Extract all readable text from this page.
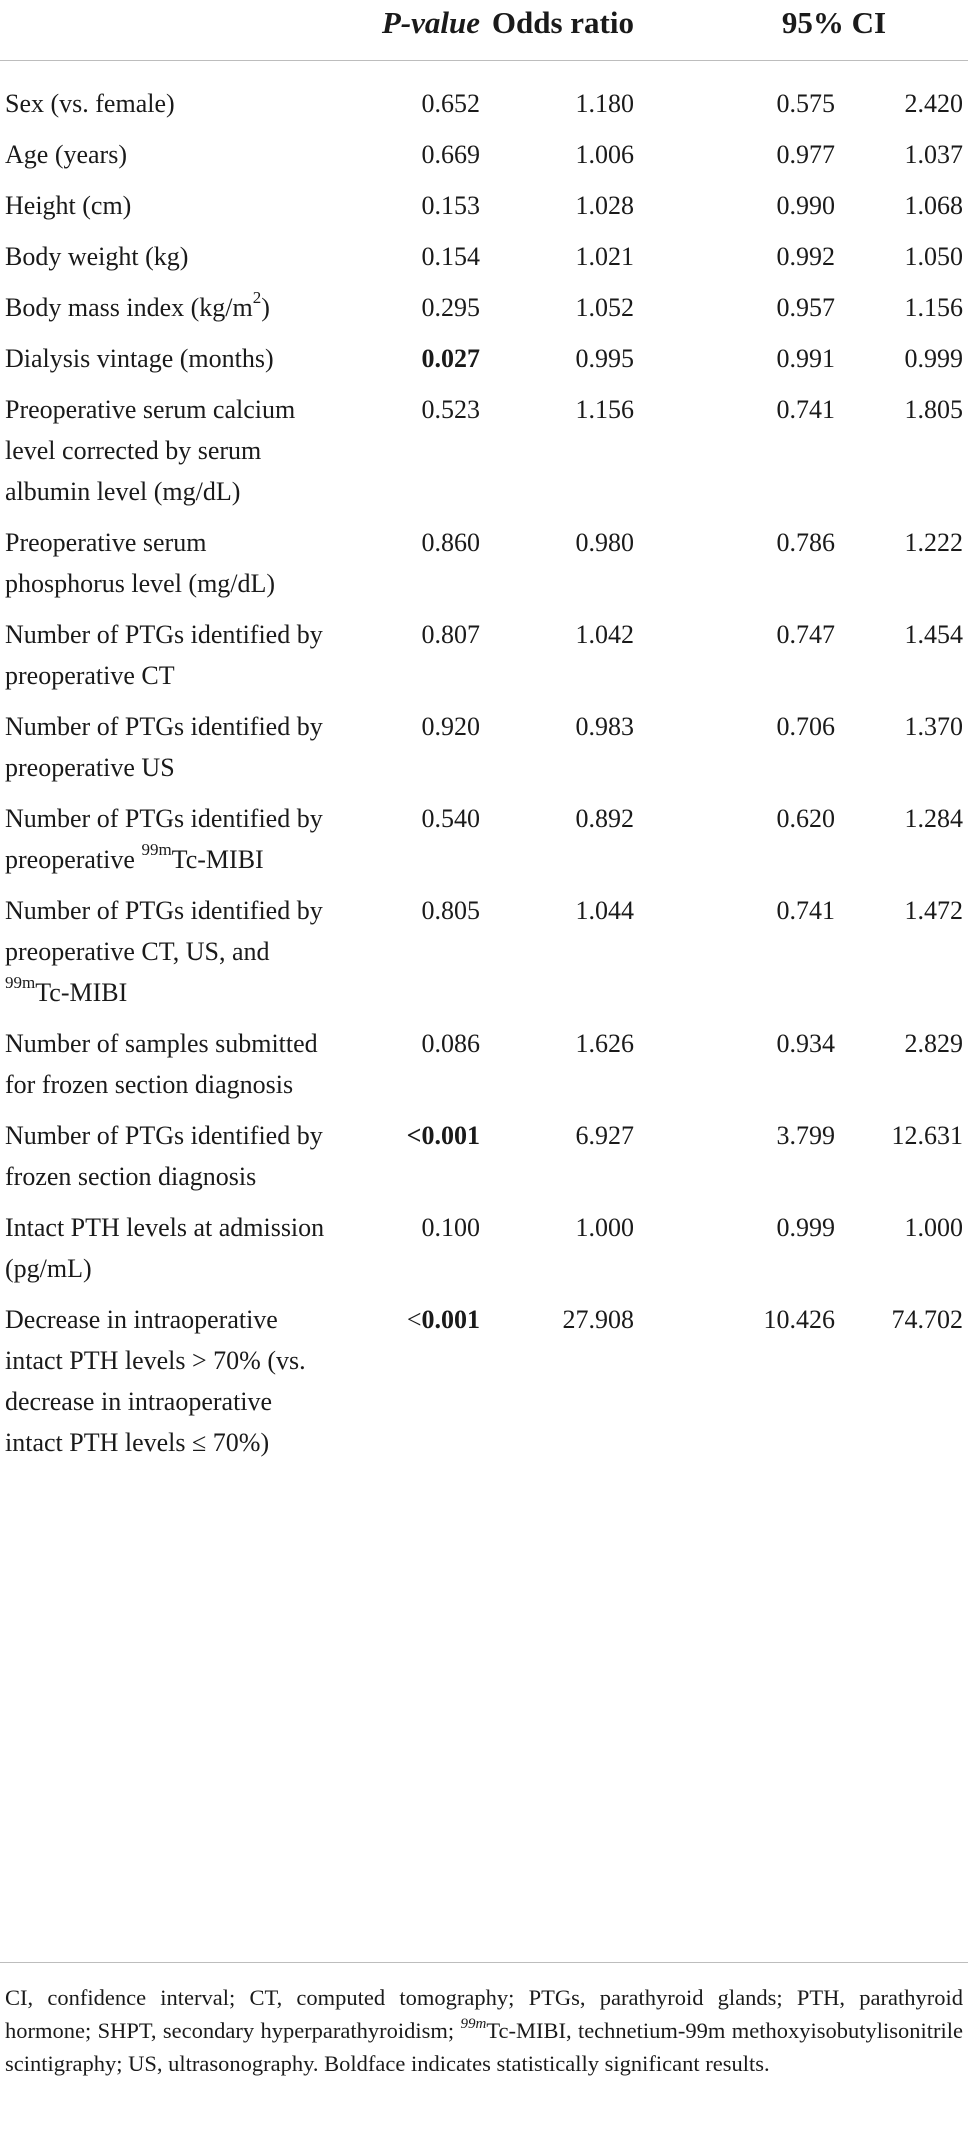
	P-value	Odds ratio	95% CI	
Sex (vs. female)	0.652	1.180	0.575	2.420
Age (years)	0.669	1.006	0.977	1.037
Height (cm)	0.153	1.028	0.990	1.068
Body weight (kg)	0.154	1.021	0.992	1.050
Body mass index $(kg/m^2)$	0.295	1.052	0.957	1.156
Dialysis vintage (months)	0.027	0.995	0.991	0.999
Preoperative serum calcium level corrected by serum albumin level (mg/dL)	0.523	1.156	0.741	1.805
Preoperative serum phosphorus level (mg/dL)	0.860	0.980	0.786	1.222
Number of PTGs identified by preoperative CT	0.807	1.042	0.747	1.454
Number of PTGs identified by preoperative US	0.920	0.983	0.706	1.370
Number of PTGs identified by preoperative $^{99m}$Tc-MIBI	0.540	0.892	0.620	1.284
Number of PTGs identified by preoperative CT, US, and $^{99m}$Tc-MIBI	0.805	1.044	0.741	1.472
Number of samples submitted for frozen section diagnosis	0.086	1.626	0.934	2.829
Number of PTGs identified by frozen section diagnosis	<0.001	6.927	3.799	12.631
Intact PTH levels at admission (pg/mL)	0.100	1.000	0.999	1.000
Decrease in intraoperative intact PTH levels > 70% (vs. decrease in intraoperative intact PTH levels ≤ 70%)	<0.001	27.908	10.426	74.702
CI, confidence interval; CT, computed tomography; PTGs, parathyroid glands; PTH, parathyroid hormone; SHPT, secondary hyperparathyroidism; $^{99m}$Tc-MIBI, technetium-99m methoxyisobutylisonitrile scintigraphy; US, ultrasonography. Boldface indicates statistically significant results.
